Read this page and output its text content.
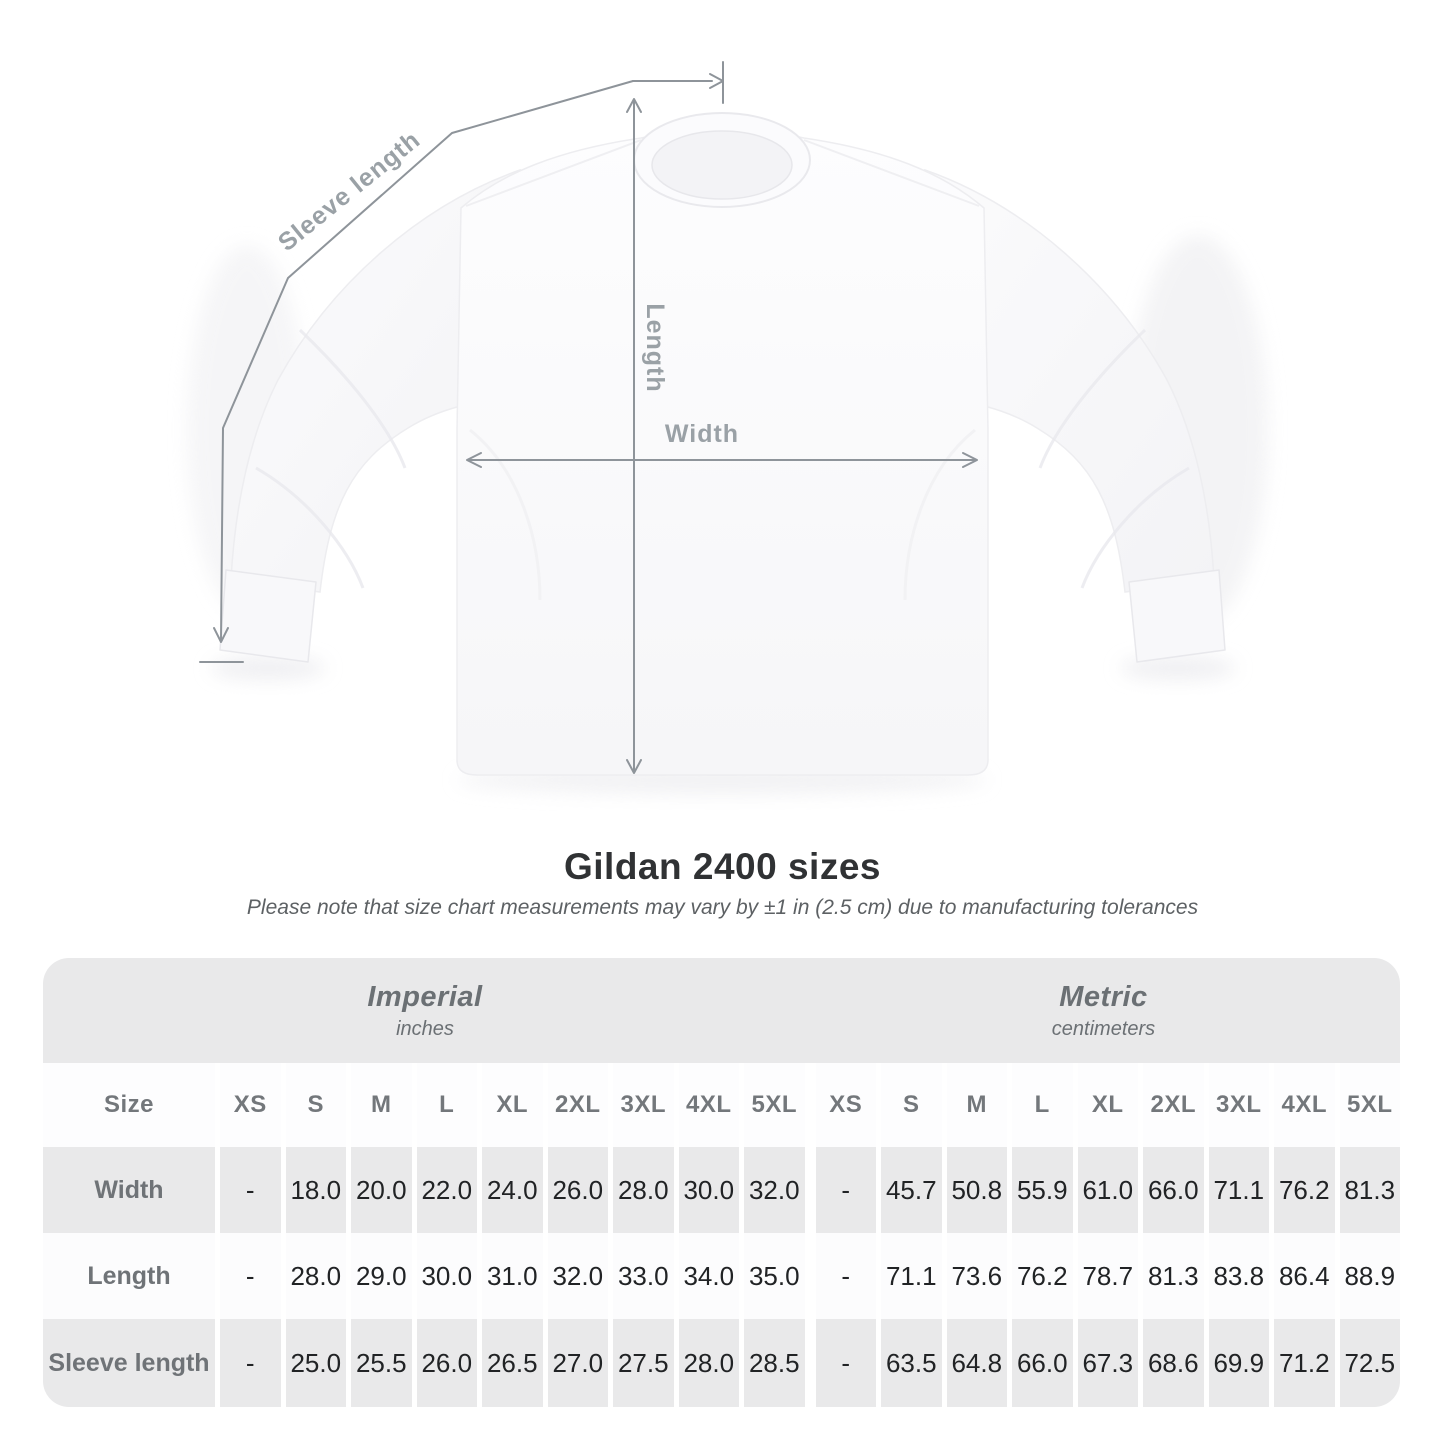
Sleeve length
Length
Width
Gildan 2400 sizes
Please note that size chart measurements may vary by ±1 in (2.5 cm) due to manufacturing tolerances
Imperial
inches
Metric
centimeters
Size	XS	S	M	L	XL	2XL 3XL 4XL 5XL	XS	S	M	L	XL	2XL 3XL 4XL 5XL
Width	-	18.0 20.0 22.0 24.0 26.0 28.0 30.0 32.0	-	45.7 50.8 55.9 61.0 66.0 71.1 76.2 81.3
Length	-	28.0 29.0 30.0 31.0 32.0 33.0 34.0 35.0	-	71.1 73.6 76.2 78.7 81.3 83.8 86.4 88.9
Sleeve length	-	25.0 25.5 26.0 26.5 27.0 27.5 28.0 28.5	-	63.5 64.8 66.0 67.3 68.6 69.9 71.2 72.5
